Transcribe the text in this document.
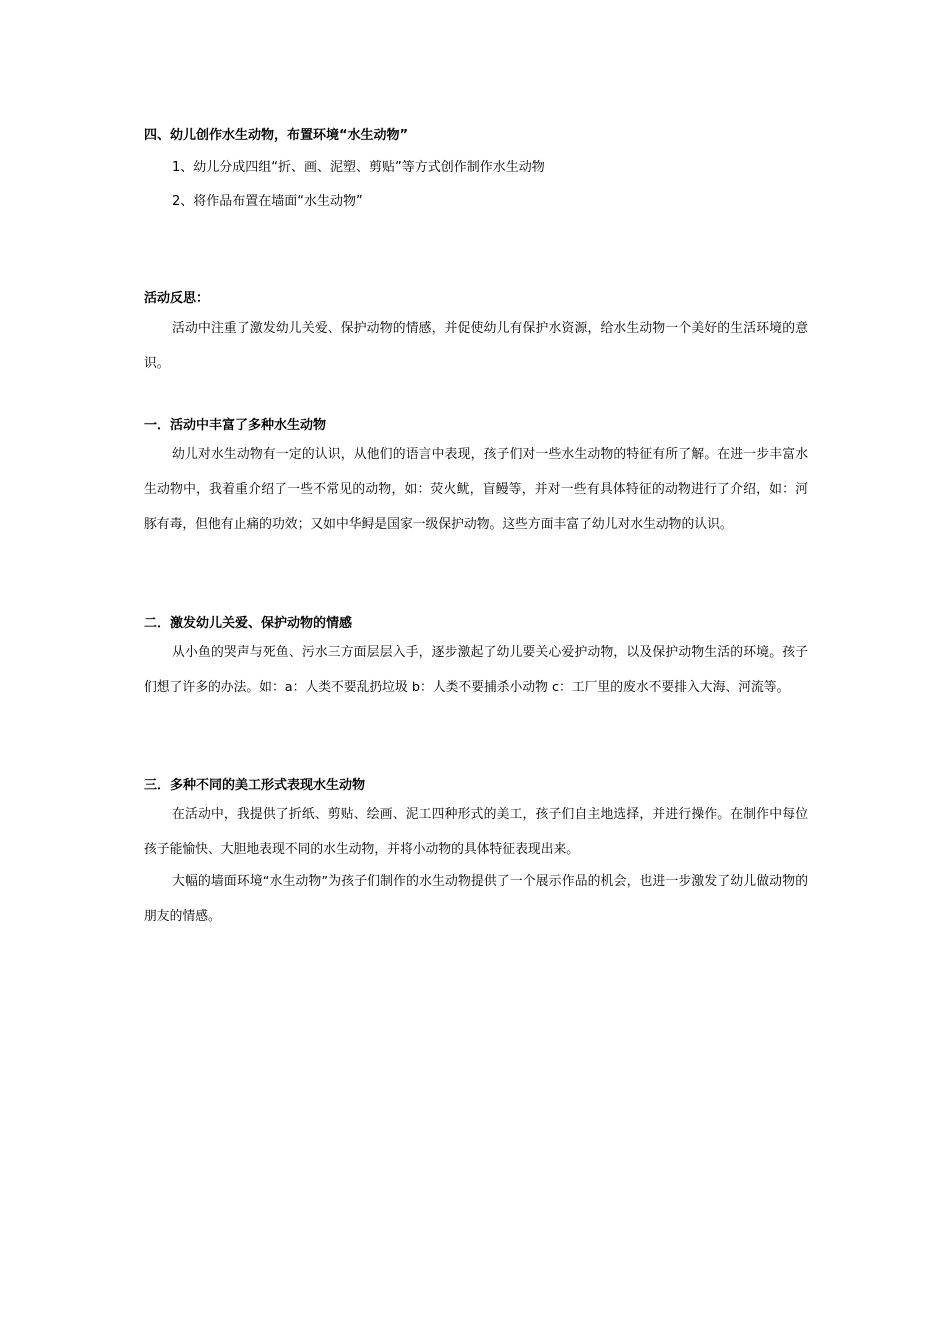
四、幼儿创作水生动物，布置环境“水生动物”
1、幼儿分成四组“折、画、泥塑、剪贴”等方式创作制作水生动物
2、将作品布置在墙面“水生动物”
活动反思：
活动中注重了激发幼儿关爱、保护动物的情感，并促使幼儿有保护水资源，给水生动物一个美好的生活环境的意识。
一．活动中丰富了多种水生动物
幼儿对水生动物有一定的认识，从他们的语言中表现，孩子们对一些水生动物的特征有所了解。在进一步丰富水生动物中，我着重介绍了一些不常见的动物，如：荧火鱿，盲鳗等，并对一些有具体特征的动物进行了介绍，如：河豚有毒，但他有止痛的功效；又如中华鲟是国家一级保护动物。这些方面丰富了幼儿对水生动物的认识。
二．激发幼儿关爱、保护动物的情感
从小鱼的哭声与死鱼、污水三方面层层入手，逐步激起了幼儿要关心爱护动物，以及保护动物生活的环境。孩子们想了许多的办法。如：a：人类不要乱扔垃圾 b：人类不要捕杀小动物 c：工厂里的废水不要排入大海、河流等。
三．多种不同的美工形式表现水生动物
在活动中，我提供了折纸、剪贴、绘画、泥工四种形式的美工，孩子们自主地选择，并进行操作。在制作中每位孩子能愉快、大胆地表现不同的水生动物，并将小动物的具体特征表现出来。
大幅的墙面环境“水生动物”为孩子们制作的水生动物提供了一个展示作品的机会，也进一步激发了幼儿做动物的朋友的情感。
